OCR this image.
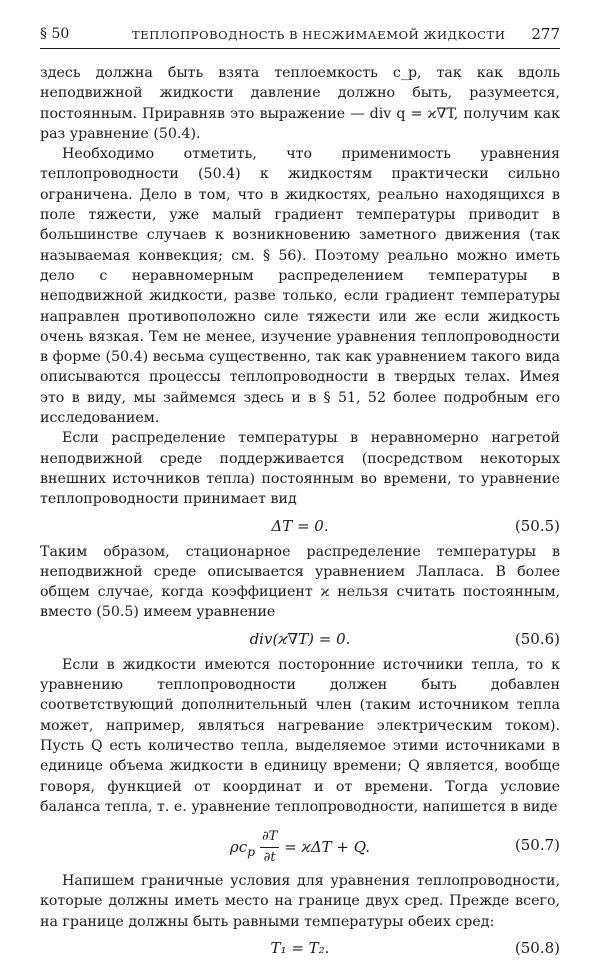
§ 50	ТЕПЛОПРОВОДНОСТЬ В НЕСЖИМАЕМОЙ ЖИДКОСТИ 277

здесь должна быть взята теплоемкость c_p, так как вдоль неподвижной жидкости давление должно быть, разумеется, постоянным. Приравняв это выражение — div q = ϰ∇T, получим как раз уравнение (50.4).

Необходимо отметить, что применимость уравнения теплопроводности (50.4) к жидкостям практически сильно ограничена. Дело в том, что в жидкостях, реально находящихся в поле тяжести, уже малый градиент температуры приводит в большинстве случаев к возникновению заметного движения (так называемая конвекция; см. § 56). Поэтому реально можно иметь дело с неравномерным распределением температуры в неподвижной жидкости, разве только, если градиент температуры направлен противоположно силе тяжести или же если жидкость очень вязкая. Тем не менее, изучение уравнения теплопроводности в форме (50.4) весьма существенно, так как уравнением такого вида описываются процессы теплопроводности в твердых телах. Имея это в виду, мы займемся здесь и в § 51, 52 более подробным его исследованием.

Если распределение температуры в неравномерно нагретой неподвижной среде поддерживается (посредством некоторых внешних источников тепла) постоянным во времени, то уравнение теплопроводности принимает вид

ΔT = 0.	(50.5)

Таким образом, стационарное распределение температуры в неподвижной среде описывается уравнением Лапласа. В более общем случае, когда коэффициент ϰ нельзя считать постоянным, вместо (50.5) имеем уравнение

div(ϰ∇T) = 0.	(50.6)

Если в жидкости имеются посторонние источники тепла, то к уравнению теплопроводности должен быть добавлен соответствующий дополнительный член (таким источником тепла может, например, являться нагревание электрическим током). Пусть Q есть количество тепла, выделяемое этими источниками в единице объема жидкости в единицу времени; Q является, вообще говоря, функцией от координат и от времени. Тогда условие баланса тепла, т. е. уравнение теплопроводности, напишется в виде

$\rho c_p \frac{\partial T}{\partial t} = ϰ\Delta T + Q$.	(50.7)

Напишем граничные условия для уравнения теплопроводности, которые должны иметь место на границе двух сред. Прежде всего, на границе должны быть равными температуры обеих сред:

T₁ = T₂.	(50.8)
